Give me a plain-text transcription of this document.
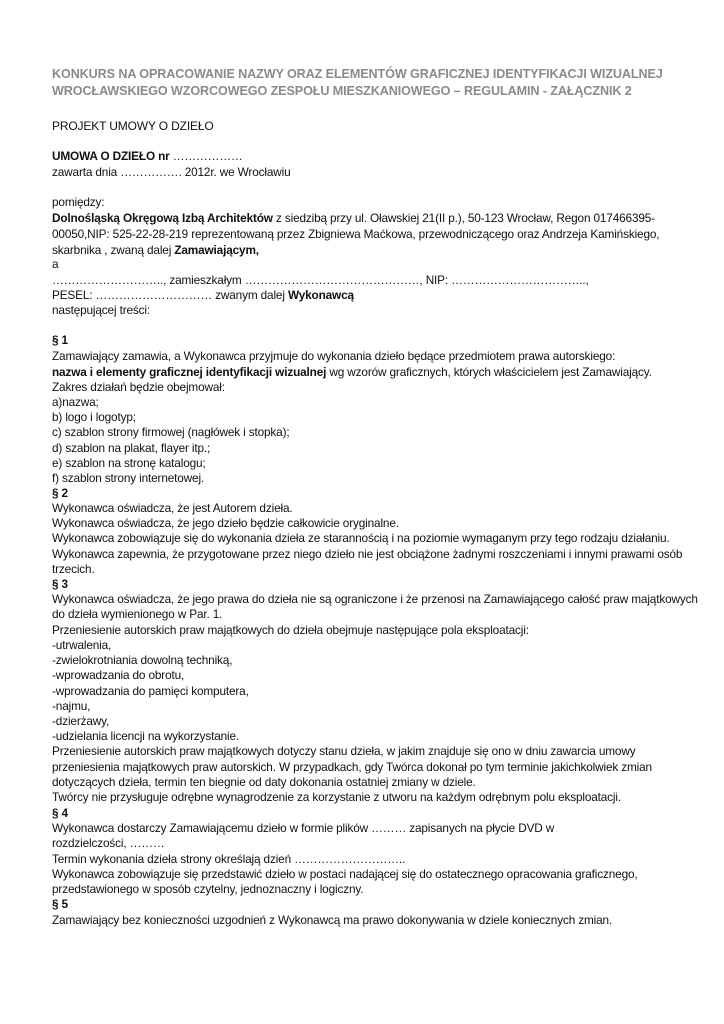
KONKURS NA OPRACOWANIE NAZWY ORAZ ELEMENTÓW GRAFICZNEJ IDENTYFIKACJI WIZUALNEJ
WROCŁAWSKIEGO WZORCOWEGO ZESPOŁU MIESZKANIOWEGO – REGULAMIN - ZAŁĄCZNIK 2
PROJEKT UMOWY O DZIEŁO
UMOWA O DZIEŁO nr ………………
zawarta dnia ……………. 2012r. we Wrocławiu
pomiędzy:
Dolnośląską Okręgową Izbą Architektów z siedzibą przy ul. Oławskiej 21(II p.), 50-123 Wrocław, Regon 017466395-
00050,NIP: 525-22-28-219 reprezentowaną przez Zbigniewa Maćkowa, przewodniczącego oraz Andrzeja Kamińskiego,
skarbnika , zwaną dalej Zamawiającym,
a
……………………….., zamieszkałym ………………………………………, NIP: ……………………………..,
PESEL: ………………………… zwanym dalej Wykonawcą
następującej treści:
§ 1
Zamawiający zamawia, a Wykonawca przyjmuje do wykonania dzieło będące przedmiotem prawa autorskiego:
nazwa i elementy graficznej identyfikacji wizualnej wg wzorów graficznych, których właścicielem jest Zamawiający.
Zakres działań będzie obejmował:
a)nazwa;
b) logo i logotyp;
c) szablon strony firmowej (nagłówek i stopka);
d) szablon na plakat, flayer itp.;
e) szablon na stronę katalogu;
f) szablon strony internetowej.
§ 2
Wykonawca oświadcza, że jest Autorem dzieła.
Wykonawca oświadcza, że jego dzieło będzie całkowicie oryginalne.
Wykonawca zobowiązuje się do wykonania dzieła ze starannością i na poziomie wymaganym przy tego rodzaju działaniu.
Wykonawca zapewnia, że przygotowane przez niego dzieło nie jest obciążone żadnymi roszczeniami i innymi prawami osób
trzecich.
§ 3
Wykonawca oświadcza, że jego prawa do dzieła nie są ograniczone i że przenosi na Zamawiającego całość praw majątkowych
do dzieła wymienionego w Par. 1.
Przeniesienie autorskich praw majątkowych do dzieła obejmuje następujące pola eksploatacji:
-utrwalenia,
-zwielokrotniania dowolną techniką,
-wprowadzania do obrotu,
-wprowadzania do pamięci komputera,
-najmu,
-dzierżawy,
-udzielania licencji na wykorzystanie.
Przeniesienie autorskich praw majątkowych dotyczy stanu dzieła, w jakim znajduje się ono w dniu zawarcia umowy
przeniesienia majątkowych praw autorskich. W przypadkach, gdy Twórca dokonał po tym terminie jakichkolwiek zmian
dotyczących dzieła, termin ten biegnie od daty dokonania ostatniej zmiany w dziele.
Twórcy nie przysługuje odrębne wynagrodzenie za korzystanie z utworu na każdym odrębnym polu eksploatacji.
§ 4
Wykonawca dostarczy Zamawiającemu dzieło w formie plików ……… zapisanych na płycie DVD w
rozdzielczości, ………
Termin wykonania dzieła strony określają dzień ………………………..
Wykonawca zobowiązuje się przedstawić dzieło w postaci nadającej się do ostatecznego opracowania graficznego,
przedstawionego w sposób czytelny, jednoznaczny i logiczny.
§ 5
Zamawiający bez konieczności uzgodnień z Wykonawcą ma prawo dokonywania w dziele koniecznych zmian.
